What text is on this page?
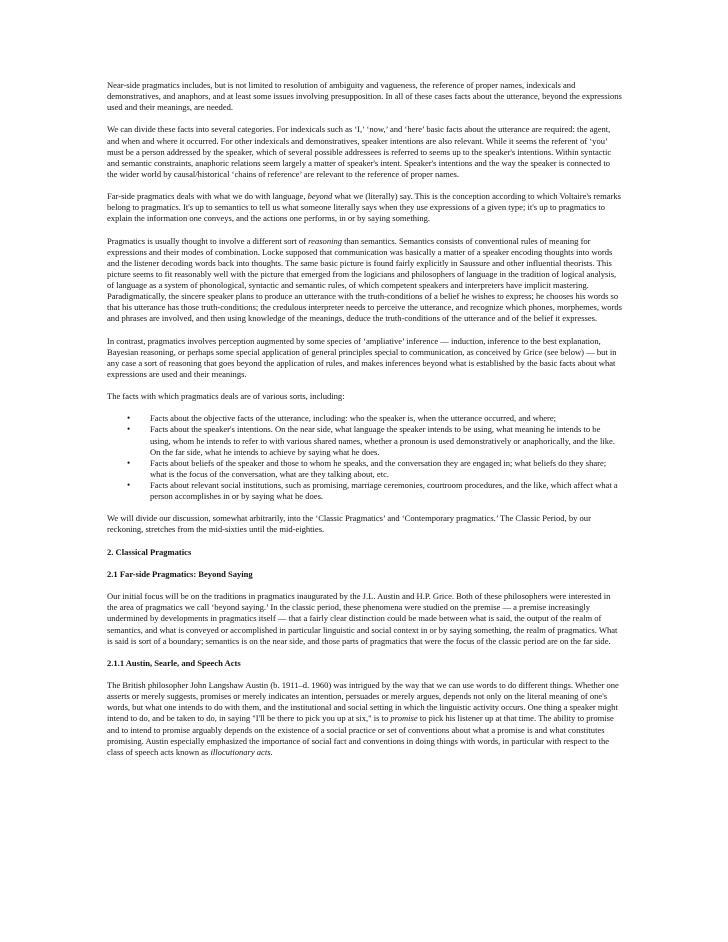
Near-side pragmatics includes, but is not limited to resolution of ambiguity and vagueness, the reference of proper names, indexicals and demonstratives, and anaphors, and at least some issues involving presupposition. In all of these cases facts about the utterance, beyond the expressions used and their meanings, are needed.

We can divide these facts into several categories. For indexicals such as ‘I,’ ‘now,’ and ‘here’ basic facts about the utterance are required: the agent, and when and where it occurred. For other indexicals and demonstratives, speaker intentions are also relevant. While it seems the referent of ‘you’ must be a person addressed by the speaker, which of several possible addressees is referred to seems up to the speaker's intentions. Within syntactic and semantic constraints, anaphoric relations seem largely a matter of speaker's intent. Speaker's intentions and the way the speaker is connected to the wider world by causal/historical ‘chains of reference’ are relevant to the reference of proper names.

Far-side pragmatics deals with what we do with language, beyond what we (literally) say. This is the conception according to which Voltaire's remarks belong to pragmatics. It's up to semantics to tell us what someone literally says when they use expressions of a given type; it's up to pragmatics to explain the information one conveys, and the actions one performs, in or by saying something.

Pragmatics is usually thought to involve a different sort of reasoning than semantics. Semantics consists of conventional rules of meaning for expressions and their modes of combination. Locke supposed that communication was basically a matter of a speaker encoding thoughts into words and the listener decoding words back into thoughts. The same basic picture is found fairly explicitly in Saussure and other influential theorists. This picture seems to fit reasonably well with the picture that emerged from the logicians and philosophers of language in the tradition of logical analysis, of language as a system of phonological, syntactic and semantic rules, of which competent speakers and interpreters have implicit mastering. Paradigmatically, the sincere speaker plans to produce an utterance with the truth-conditions of a belief he wishes to express; he chooses his words so that his utterance has those truth-conditions; the credulous interpreter needs to perceive the utterance, and recognize which phones, morphemes, words and phrases are involved, and then using knowledge of the meanings, deduce the truth-conditions of the utterance and of the belief it expresses.

In contrast, pragmatics involves perception augmented by some species of ‘ampliative’ inference — induction, inference to the best explanation, Bayesian reasoning, or perhaps some special application of general principles special to communication, as conceived by Grice (see below) — but in any case a sort of reasoning that goes beyond the application of rules, and makes inferences beyond what is established by the basic facts about what expressions are used and their meanings.

The facts with which pragmatics deals are of various sorts, including:

•	Facts about the objective facts of the utterance, including: who the speaker is, when the utterance occurred, and where;
•	Facts about the speaker's intentions. On the near side, what language the speaker intends to be using, what meaning he intends to be using, whom he intends to refer to with various shared names, whether a pronoun is used demonstratively or anaphorically, and the like. On the far side, what he intends to achieve by saying what he does.
•	Facts about beliefs of the speaker and those to whom he speaks, and the conversation they are engaged in; what beliefs do they share; what is the focus of the conversation, what are they talking about, etc.
•	Facts about relevant social institutions, such as promising, marriage ceremonies, courtroom procedures, and the like, which affect what a person accomplishes in or by saying what he does.

We will divide our discussion, somewhat arbitrarily, into the ‘Classic Pragmatics’ and ‘Contemporary pragmatics.’ The Classic Period, by our reckoning, stretches from the mid-sixties until the mid-eighties.

2. Classical Pragmatics
2.1 Far-side Pragmatics: Beyond Saying

Our initial focus will be on the traditions in pragmatics inaugurated by the J.L. Austin and H.P. Grice. Both of these philosophers were interested in the area of pragmatics we call ‘beyond saying.’ In the classic period, these phenomena were studied on the premise — a premise increasingly undermined by developments in pragmatics itself — that a fairly clear distinction could be made between what is said, the output of the realm of semantics, and what is conveyed or accomplished in particular linguistic and social context in or by saying something, the realm of pragmatics. What is said is sort of a boundary; semantics is on the near side, and those parts of pragmatics that were the focus of the classic period are on the far side.

2.1.1 Austin, Searle, and Speech Acts

The British philosopher John Langshaw Austin (b. 1911–d. 1960) was intrigued by the way that we can use words to do different things. Whether one asserts or merely suggests, promises or merely indicates an intention, persuades or merely argues, depends not only on the literal meaning of one's words, but what one intends to do with them, and the institutional and social setting in which the linguistic activity occurs. One thing a speaker might intend to do, and be taken to do, in saying "I'll be there to pick you up at six," is to promise to pick his listener up at that time. The ability to promise and to intend to promise arguably depends on the existence of a social practice or set of conventions about what a promise is and what constitutes promising. Austin especially emphasized the importance of social fact and conventions in doing things with words, in particular with respect to the class of speech acts known as illocutionary acts.
